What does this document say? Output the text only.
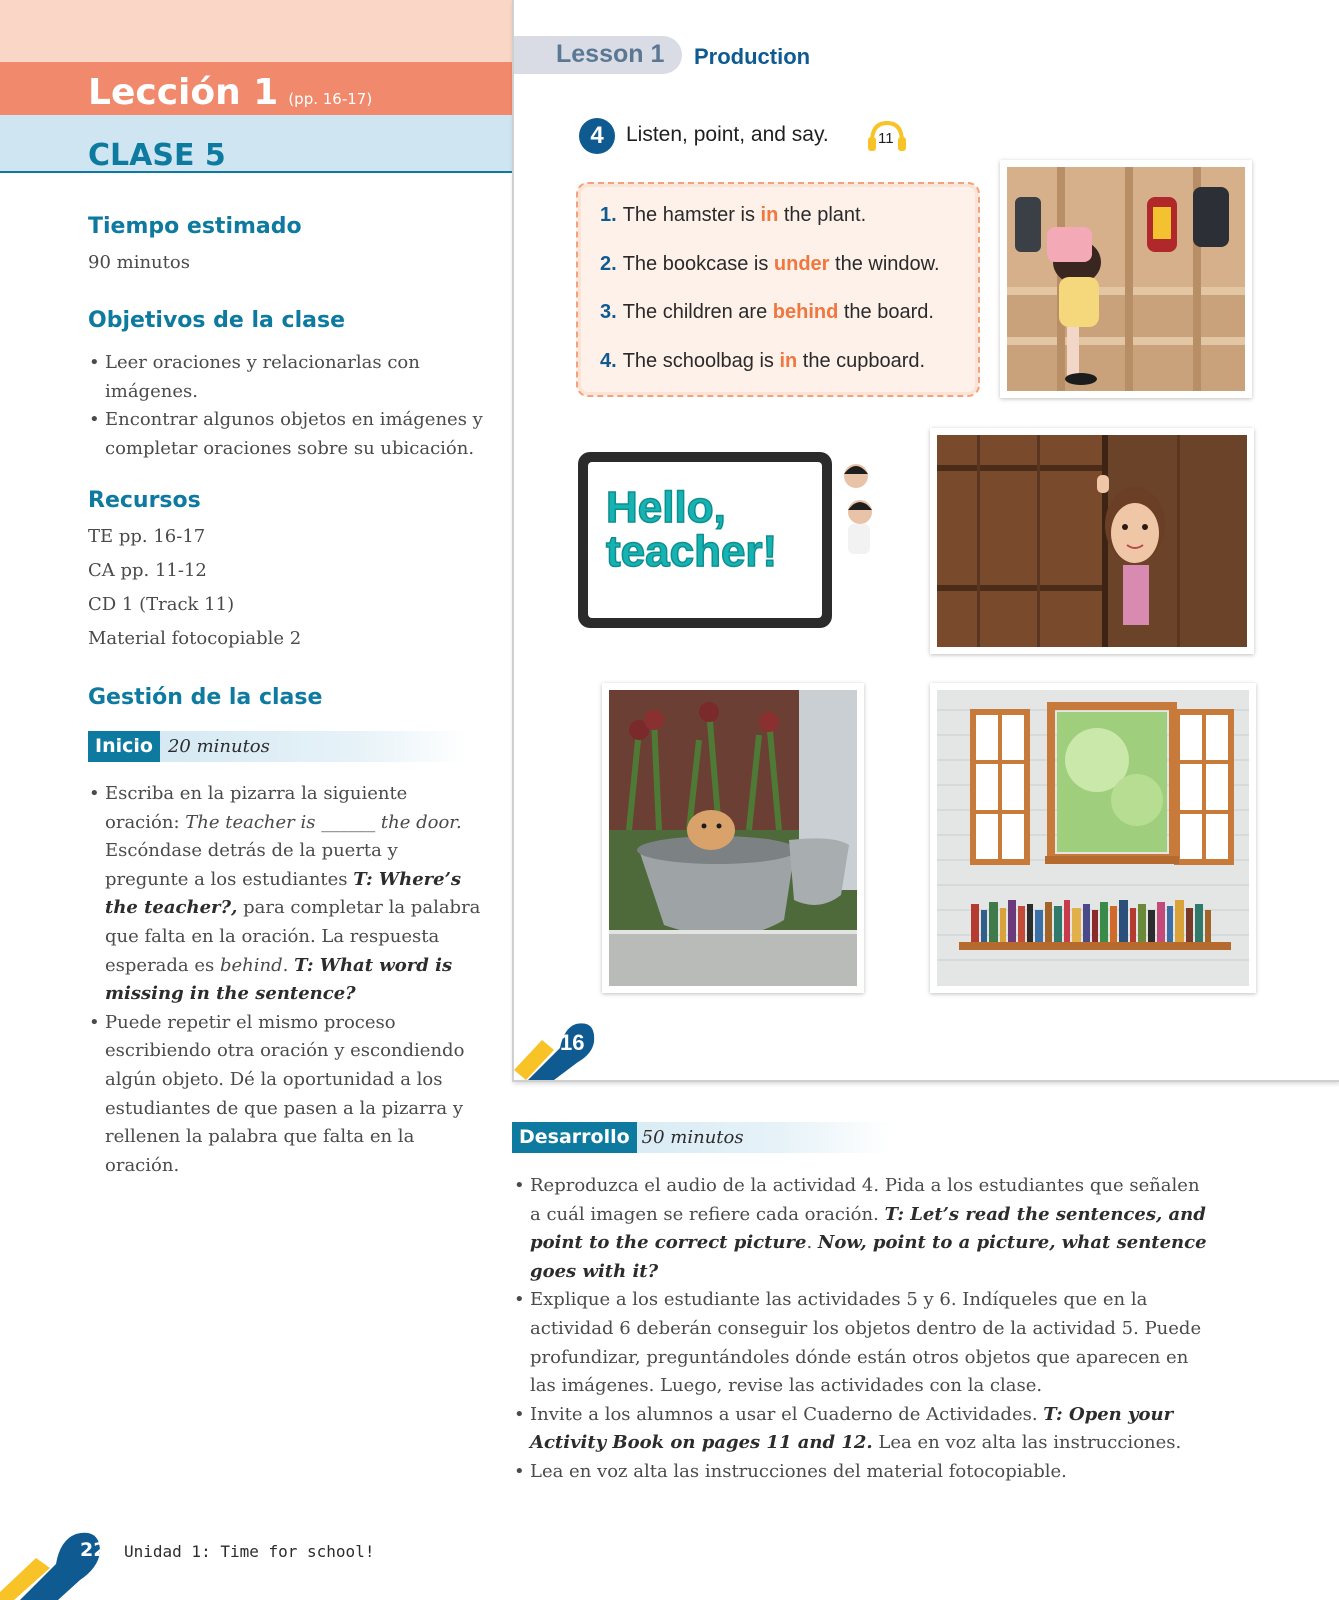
Lección 1 (pp. 16-17)
CLASE 5
Tiempo estimado
90 minutos
Objetivos de la clase
• Leer oraciones y relacionarlas con imágenes.
• Encontrar algunos objetos en imágenes y completar oraciones sobre su ubicación.
Recursos
TE pp. 16-17
CA pp. 11-12
CD 1 (Track 11)
Material fotocopiable 2
Gestión de la clase
Inicio 20 minutos
• Escriba en la pizarra la siguiente oración: The teacher is ______ the door. Escóndase detrás de la puerta y pregunte a los estudiantes T: Where’s the teacher?, para completar la palabra que falta en la oración. La respuesta esperada es behind. T: What word is missing in the sentence?
• Puede repetir el mismo proceso escribiendo otra oración y escondiendo algún objeto. Dé la oportunidad a los estudiantes de que pasen a la pizarra y rellenen la palabra que falta en la oración.
Lesson 1 Production
4	Listen, point, and say.	11
1. The hamster is in the plant.
2. The bookcase is under the window.
3. The children are behind the board.
4. The schoolbag is in the cupboard.
Hello,
teacher!
16
Desarrollo 50 minutos
• Reproduzca el audio de la actividad 4. Pida a los estudiantes que señalen a cuál imagen se refiere cada oración. T: Let’s read the sentences, and point to the correct picture. Now, point to a picture, what sentence goes with it?
• Explique a los estudiante las actividades 5 y 6. Indíqueles que en la actividad 6 deberán conseguir los objetos dentro de la actividad 5. Puede profundizar, preguntándoles dónde están otros objetos que aparecen en las imágenes. Luego, revise las actividades con la clase.
• Invite a los alumnos a usar el Cuaderno de Actividades. T: Open your Activity Book on pages 11 and 12. Lea en voz alta las instrucciones.
• Lea en voz alta las instrucciones del material fotocopiable.
22 Unidad 1: Time for school!
